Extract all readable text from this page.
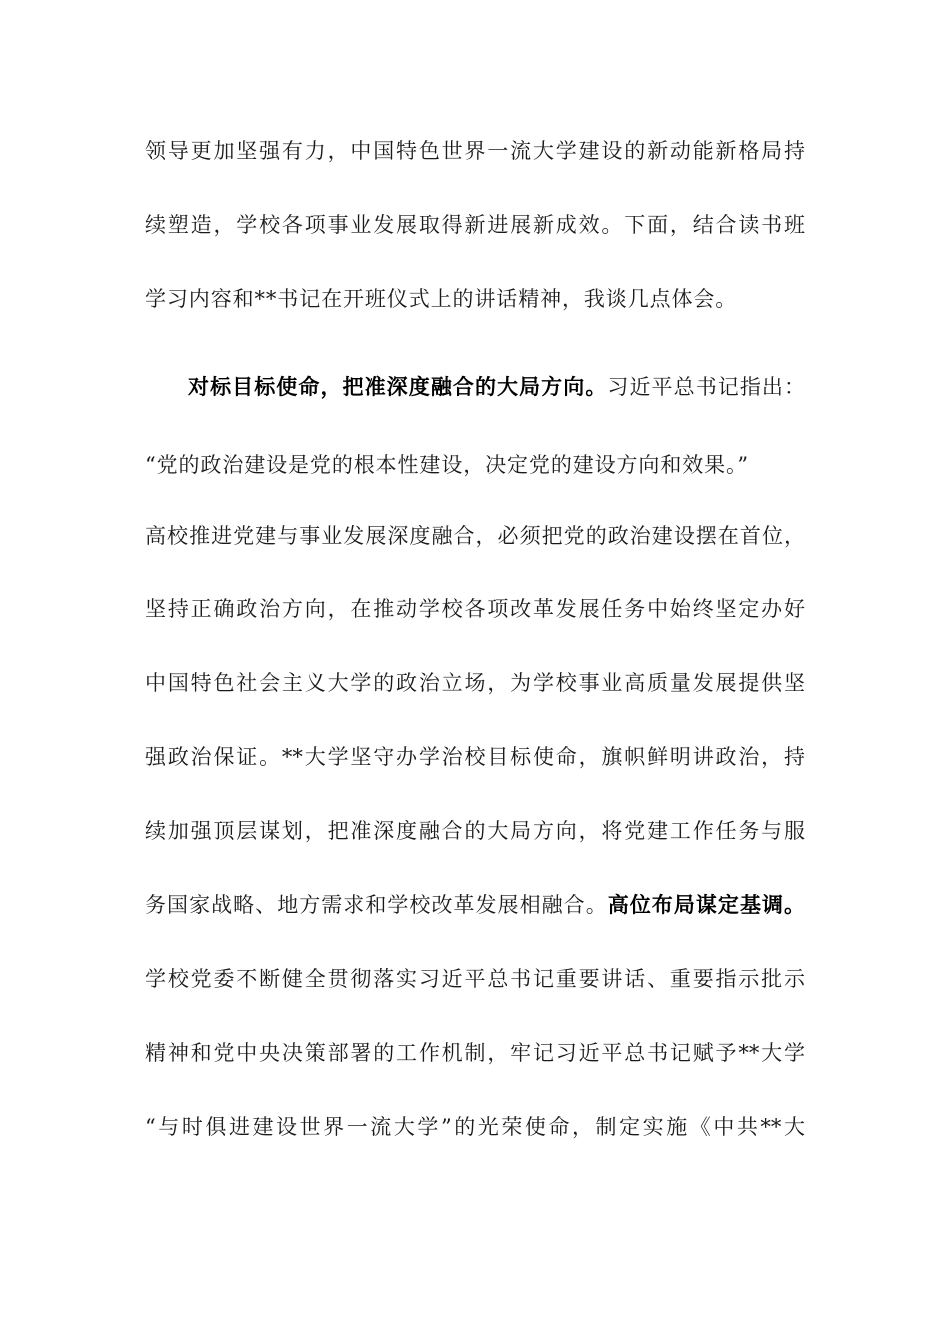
领导更加坚强有力，中国特色世界一流大学建设的新动能新格局持
续塑造，学校各项事业发展取得新进展新成效。下面，结合读书班
学习内容和**书记在开班仪式上的讲话精神，我谈几点体会。
对标目标使命，把准深度融合的大局方向。习近平总书记指出：
“党的政治建设是党的根本性建设，决定党的建设方向和效果。”
高校推进党建与事业发展深度融合，必须把党的政治建设摆在首位，
坚持正确政治方向，在推动学校各项改革发展任务中始终坚定办好
中国特色社会主义大学的政治立场，为学校事业高质量发展提供坚
强政治保证。**大学坚守办学治校目标使命，旗帜鲜明讲政治，持
续加强顶层谋划，把准深度融合的大局方向，将党建工作任务与服
务国家战略、地方需求和学校改革发展相融合。高位布局谋定基调。
学校党委不断健全贯彻落实习近平总书记重要讲话、重要指示批示
精神和党中央决策部署的工作机制，牢记习近平总书记赋予**大学
“与时俱进建设世界一流大学”的光荣使命，制定实施《中共**大
